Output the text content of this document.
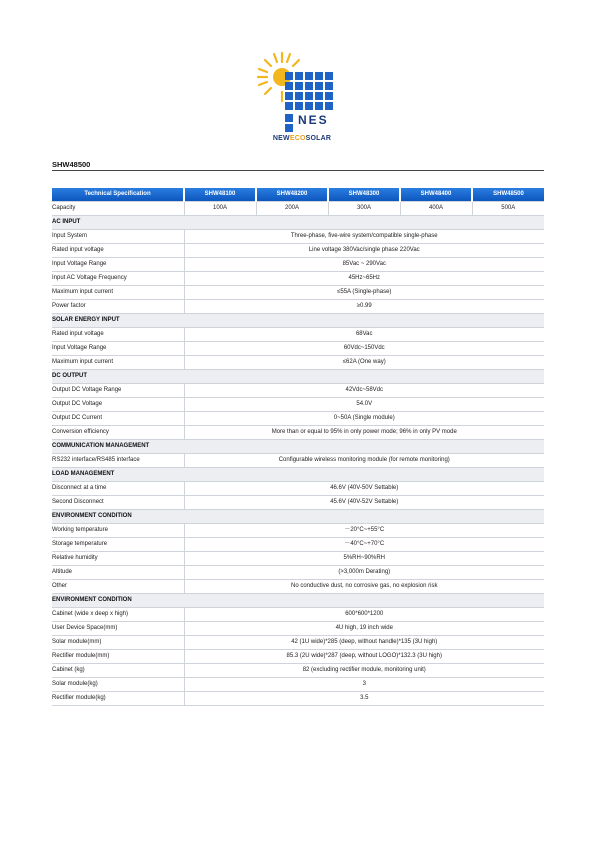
NES
NEWECOSOLAR
SHW48500
Technical Specification	SHW48100	SHW48200	SHW48300	SHW48400	SHW48500
Capacity	100A	200A	300A	400A	500A
AC INPUT					
Input System	Three-phase, five-wire system/compatible single-phase				
Rated input voltage	Line voltage 380Vac/single phase 220Vac				
Input Voltage Range	85Vac ~ 290Vac				
Input AC Voltage Frequency	45Hz~65Hz				
Maximum input current	≤55A (Single-phase)				
Power factor	≥0.99				
SOLAR ENERGY INPUT					
Rated input voltage	68Vac				
Input Voltage Range	60Vdc~150Vdc				
Maximum input current	≤62A (One way)				
DC OUTPUT					
Output DC Voltage Range	42Vdc~58Vdc				
Output DC Voltage	54.0V				
Output DC Current	0~50A (Single module)				
Conversion efficiency	More than or equal to 95% in only power mode; 96% in only PV mode				
COMMUNICATION MANAGEMENT					
RS232 interface/RS485 interface	Configurable wireless monitoring module (for remote monitoring)				
LOAD MANAGEMENT					
Disconnect at a time	46.6V (40V-50V Settable)				
Second Disconnect	45.6V (40V-52V Settable)				
ENVIRONMENT CONDITION					
Working temperature	－20°C~+55°C				
Storage temperature	－40°C~+70°C				
Relative humidity	5%RH~90%RH				
Altitude	(>3,000m Derating)				
Other	No conductive dust, no corrosive gas, no explosion risk				
ENVIRONMENT CONDITION					
Cabinet (wide x deep x high)	600*600*1200				
User Device Space(mm)	4U high, 19 inch wide				
Solar module(mm)	42 (1U wide)*285 (deep, without handle)*135 (3U high)				
Rectifier module(mm)	85.3 (2U wide)*287 (deep, without LOGO)*132.3 (3U high)				
Cabinet (kg)	82 (excluding rectifier module, monitoring unit)				
Solar module(kg)	3				
Rectifier module(kg)	3.5				
